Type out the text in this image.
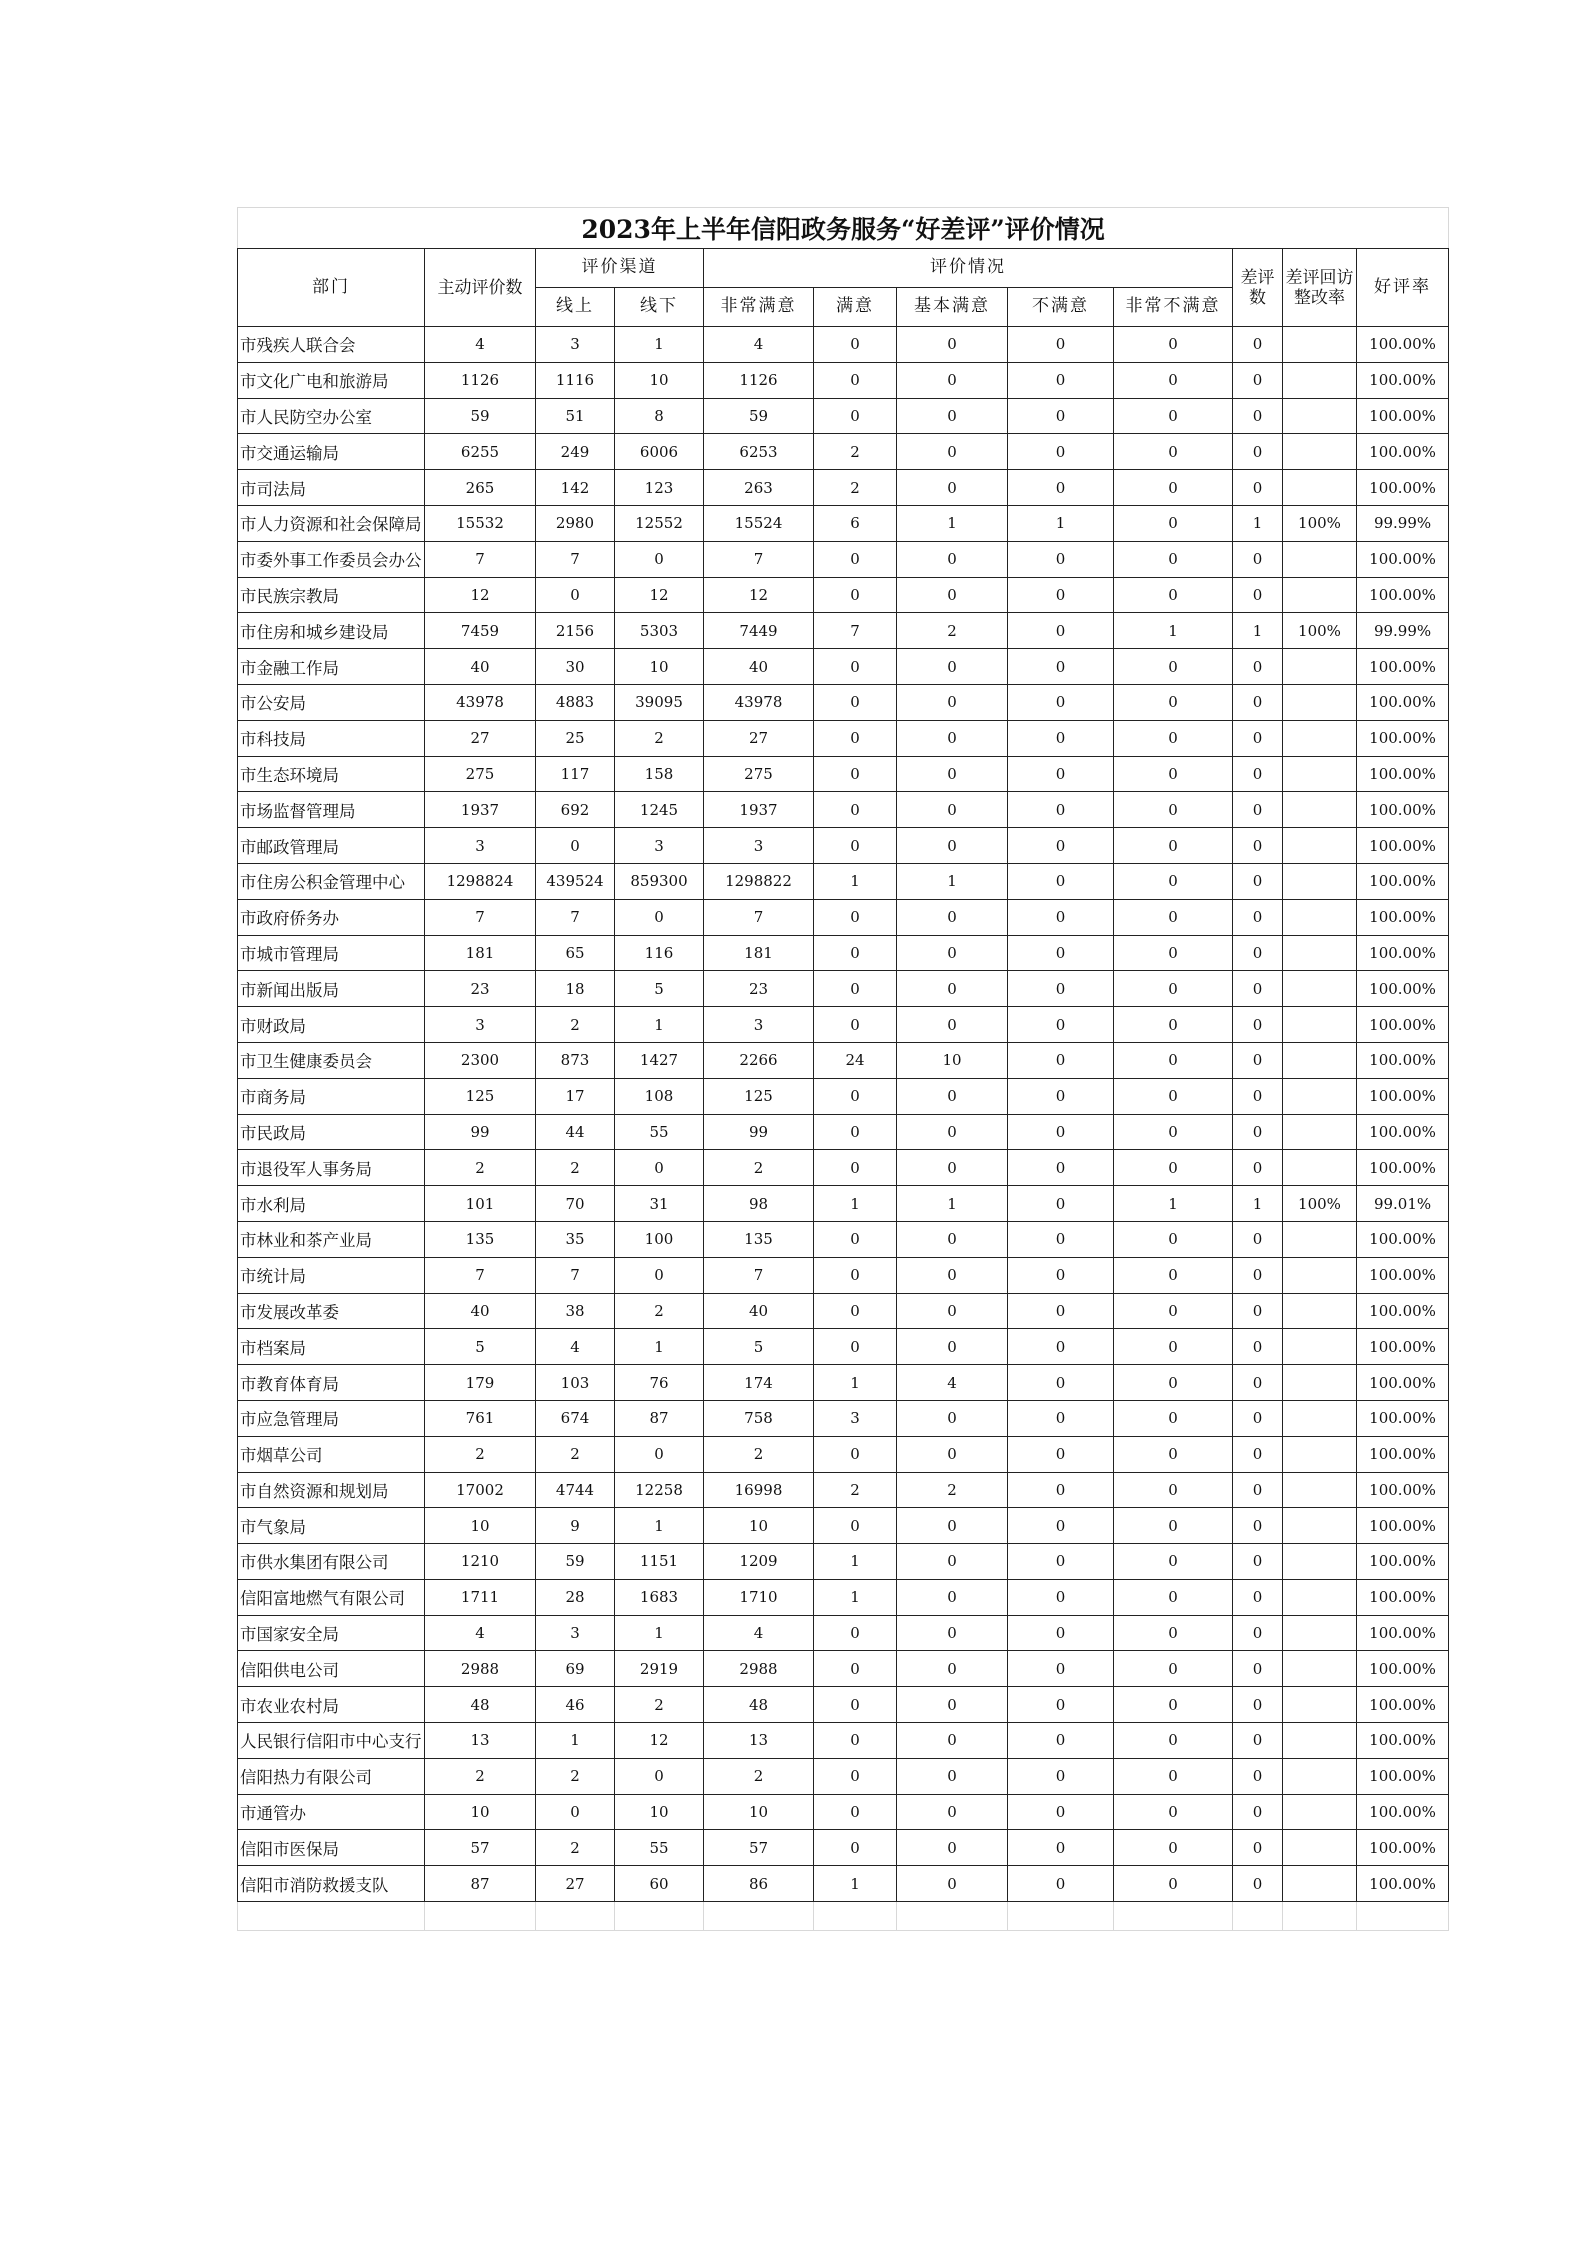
2023年上半年信阳政务服务“好差评”评价情况											
部门	主动评价数	评价渠道		评价情况					差评数	差评回访整改率	好评率
		线上	线下	非常满意	满意	基本满意	不满意	非常不满意			
市残疾人联合会	4	3	1	4	0	0	0	0	0		100.00%
市文化广电和旅游局	1126	1116	10	1126	0	0	0	0	0		100.00%
市人民防空办公室	59	51	8	59	0	0	0	0	0		100.00%
市交通运输局	6255	249	6006	6253	2	0	0	0	0		100.00%
市司法局	265	142	123	263	2	0	0	0	0		100.00%
市人力资源和社会保障局	15532	2980	12552	15524	6	1	1	0	1	100%	99.99%
市委外事工作委员会办公	7	7	0	7	0	0	0	0	0		100.00%
市民族宗教局	12	0	12	12	0	0	0	0	0		100.00%
市住房和城乡建设局	7459	2156	5303	7449	7	2	0	1	1	100%	99.99%
市金融工作局	40	30	10	40	0	0	0	0	0		100.00%
市公安局	43978	4883	39095	43978	0	0	0	0	0		100.00%
市科技局	27	25	2	27	0	0	0	0	0		100.00%
市生态环境局	275	117	158	275	0	0	0	0	0		100.00%
市场监督管理局	1937	692	1245	1937	0	0	0	0	0		100.00%
市邮政管理局	3	0	3	3	0	0	0	0	0		100.00%
市住房公积金管理中心	1298824	439524	859300	1298822	1	1	0	0	0		100.00%
市政府侨务办	7	7	0	7	0	0	0	0	0		100.00%
市城市管理局	181	65	116	181	0	0	0	0	0		100.00%
市新闻出版局	23	18	5	23	0	0	0	0	0		100.00%
市财政局	3	2	1	3	0	0	0	0	0		100.00%
市卫生健康委员会	2300	873	1427	2266	24	10	0	0	0		100.00%
市商务局	125	17	108	125	0	0	0	0	0		100.00%
市民政局	99	44	55	99	0	0	0	0	0		100.00%
市退役军人事务局	2	2	0	2	0	0	0	0	0		100.00%
市水利局	101	70	31	98	1	1	0	1	1	100%	99.01%
市林业和茶产业局	135	35	100	135	0	0	0	0	0		100.00%
市统计局	7	7	0	7	0	0	0	0	0		100.00%
市发展改革委	40	38	2	40	0	0	0	0	0		100.00%
市档案局	5	4	1	5	0	0	0	0	0		100.00%
市教育体育局	179	103	76	174	1	4	0	0	0		100.00%
市应急管理局	761	674	87	758	3	0	0	0	0		100.00%
市烟草公司	2	2	0	2	0	0	0	0	0		100.00%
市自然资源和规划局	17002	4744	12258	16998	2	2	0	0	0		100.00%
市气象局	10	9	1	10	0	0	0	0	0		100.00%
市供水集团有限公司	1210	59	1151	1209	1	0	0	0	0		100.00%
信阳富地燃气有限公司	1711	28	1683	1710	1	0	0	0	0		100.00%
市国家安全局	4	3	1	4	0	0	0	0	0		100.00%
信阳供电公司	2988	69	2919	2988	0	0	0	0	0		100.00%
市农业农村局	48	46	2	48	0	0	0	0	0		100.00%
人民银行信阳市中心支行	13	1	12	13	0	0	0	0	0		100.00%
信阳热力有限公司	2	2	0	2	0	0	0	0	0		100.00%
市通管办	10	0	10	10	0	0	0	0	0		100.00%
信阳市医保局	57	2	55	57	0	0	0	0	0		100.00%
信阳市消防救援支队	87	27	60	86	1	0	0	0	0		100.00%
